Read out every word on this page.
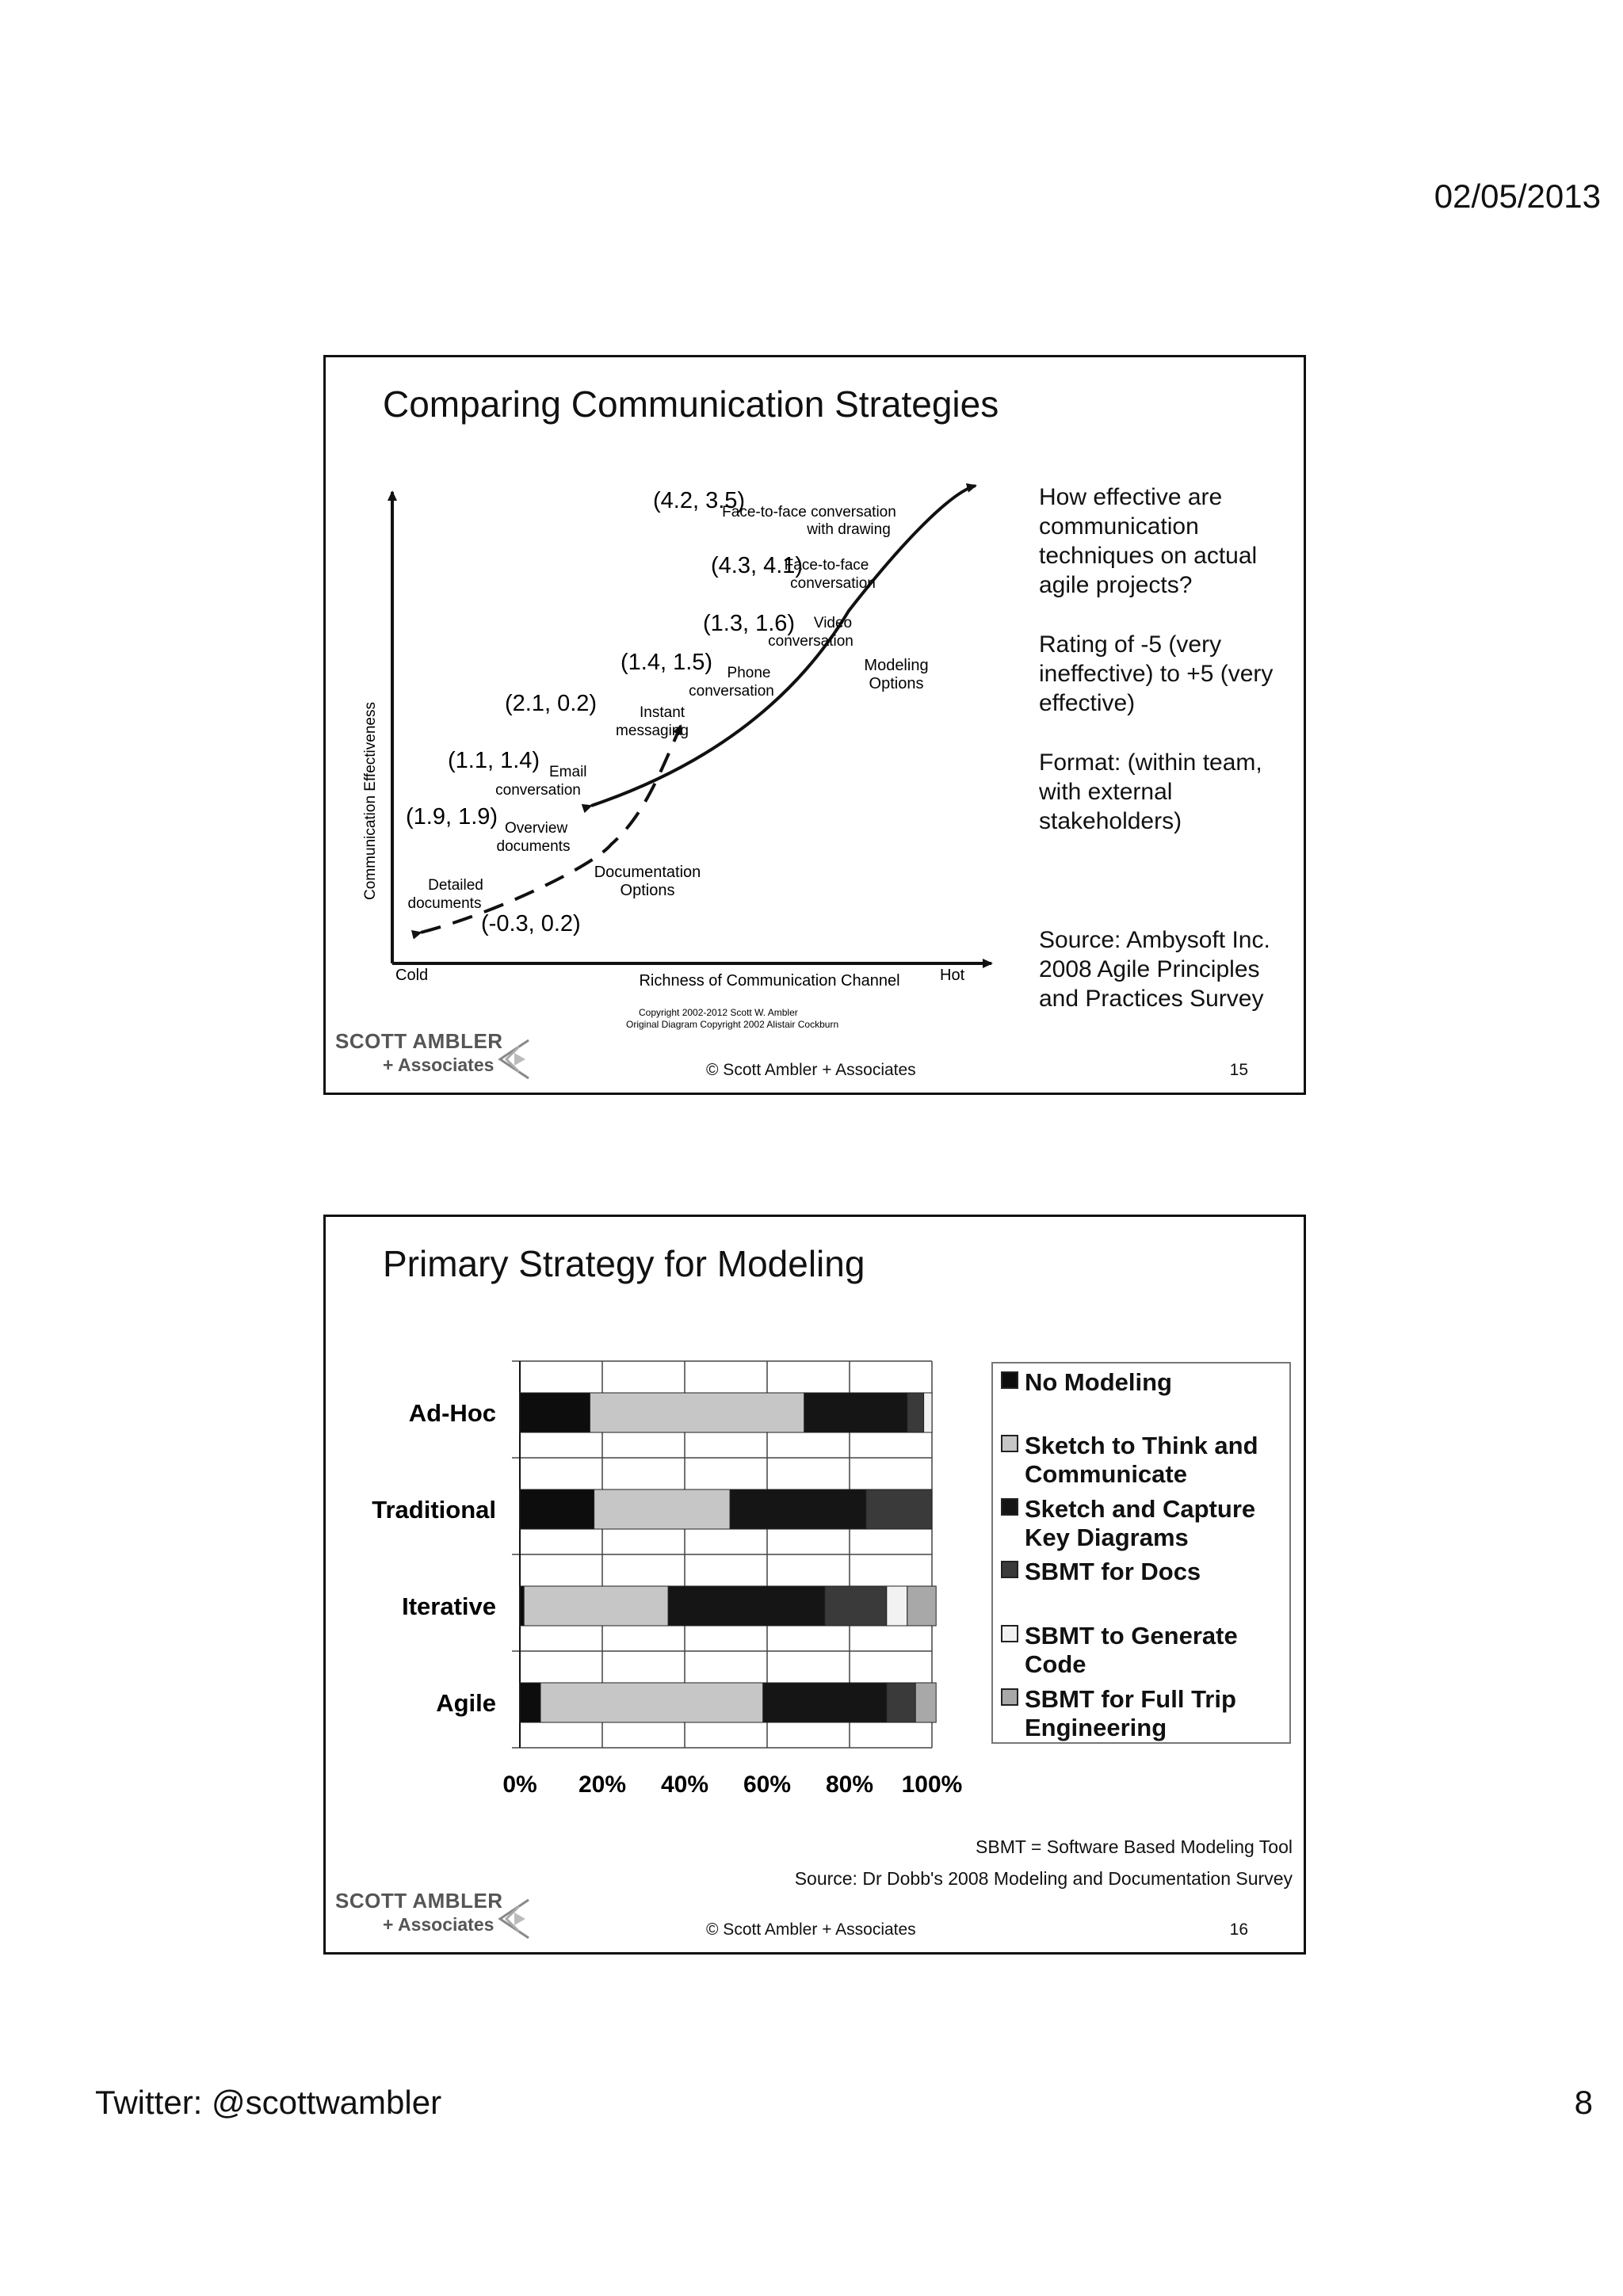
02/05/2013
Twitter: @scottwambler	8
Comparing Communication Strategies
Communication Effectiveness
Richness of Communication Channel
Cold	Hot
Copyright 2002-2012 Scott W. Ambler
Original Diagram Copyright 2002 Alistair Cockburn
Modeling
Options
Documentation
Options
(4.2, 3.5)
Face-to-face conversation
with drawing
(4.3, 4.1)
Face-to-face
conversation
(1.3, 1.6) Video
conversation
(1.4, 1.5) Phone
conversation
(2.1, 0.2)	Instant
messaging
(1.1, 1.4) Email
conversation
(1.9, 1.9) Overview
documents
(-0.3, 0.2)
Detailed
documents
How effective are
communication
techniques on actual
agile projects?
Rating of -5 (very
ineffective) to +5 (very
effective)
Format: (within team,
with external
stakeholders)
Source: Ambysoft Inc.
2008 Agile Principles
and Practices Survey
SCOTT AMBLER
+ Associates	© Scott Ambler + Associates	15
Primary Strategy for Modeling
0% 20% 40% 60% 80% 100%
Ad-Hoc
Traditional
Iterative
Agile
No Modeling
Sketch to Think and Communicate
Sketch and Capture Key Diagrams
SBMT for Docs
SBMT to Generate Code
SBMT for Full Trip Engineering
SBMT = Software Based Modeling Tool
Source: Dr Dobb's 2008 Modeling and Documentation Survey
SCOTT AMBLER
+ Associates	© Scott Ambler + Associates	16
